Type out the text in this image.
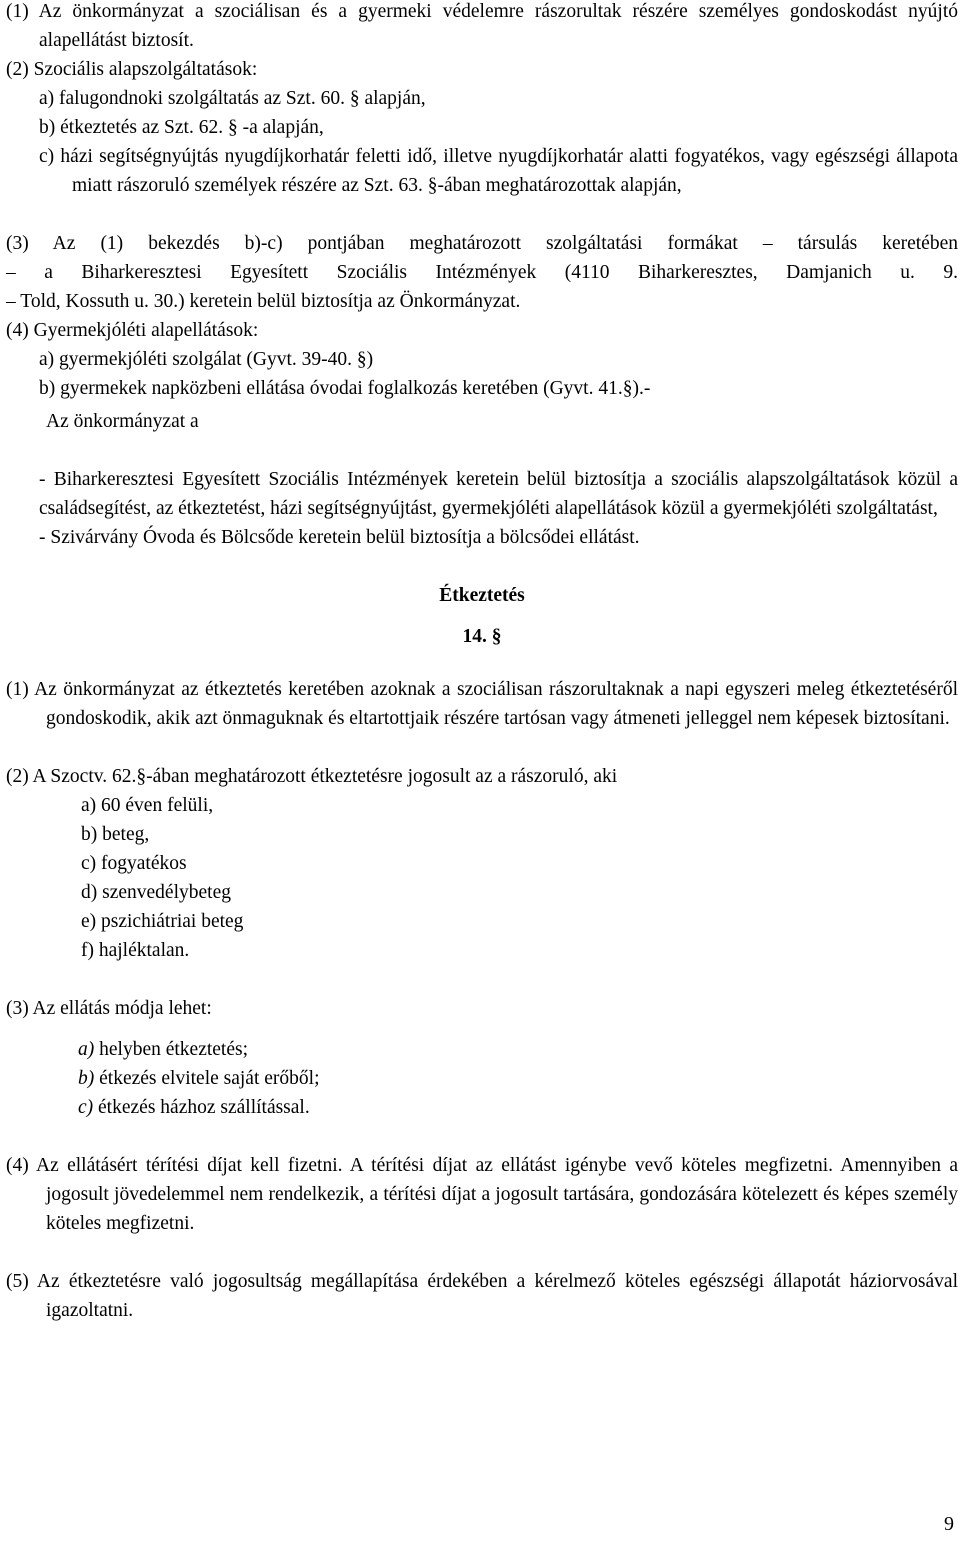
(1) Az önkormányzat a szociálisan és a gyermeki védelemre rászorultak részére személyes gondoskodást nyújtó alapellátást biztosít.

(2) Szociális alapszolgáltatások:

a) falugondnoki szolgáltatás az Szt. 60. § alapján,

b) étkeztetés az Szt. 62. § -a alapján,

c) házi segítségnyújtás nyugdíjkorhatár feletti idő, illetve nyugdíjkorhatár alatti fogyatékos, vagy egészségi állapota miatt rászoruló személyek részére az Szt. 63. §-ában meghatározottak alapján,

(3) Az (1) bekezdés b)-c) pontjában meghatározott szolgáltatási formákat – társulás keretében

– a Biharkeresztesi Egyesített Szociális Intézmények (4110 Biharkeresztes, Damjanich u. 9.

– Told, Kossuth u. 30.) keretein belül biztosítja az Önkormányzat.

(4) Gyermekjóléti alapellátások:

a) gyermekjóléti szolgálat (Gyvt. 39-40. §)

b) gyermekek napközbeni ellátása óvodai foglalkozás keretében (Gyvt. 41.§).-

Az önkormányzat a

- Biharkeresztesi Egyesített Szociális Intézmények keretein belül biztosítja a szociális alapszolgáltatások közül a családsegítést, az étkeztetést, házi segítségnyújtást, gyermekjóléti alapellátások közül a gyermekjóléti szolgáltatást,

- Szivárvány Óvoda és Bölcsőde keretein belül biztosítja a bölcsődei ellátást.

Étkeztetés

14. §

(1) Az önkormányzat az étkeztetés keretében azoknak a szociálisan rászorultaknak a napi egyszeri meleg étkeztetéséről gondoskodik, akik azt önmaguknak és eltartottjaik részére tartósan vagy átmeneti jelleggel nem képesek biztosítani.

(2) A Szoctv. 62.§-ában meghatározott étkeztetésre jogosult az a rászoruló, aki

a) 60 éven felüli,

b) beteg,

c) fogyatékos

d) szenvedélybeteg

e) pszichiátriai beteg

f) hajléktalan.

(3) Az ellátás módja lehet:

a) helyben étkeztetés;

b) étkezés elvitele saját erőből;

c) étkezés házhoz szállítással.

(4) Az ellátásért térítési díjat kell fizetni. A térítési díjat az ellátást igénybe vevő köteles megfizetni. Amennyiben a jogosult jövedelemmel nem rendelkezik, a térítési díjat a jogosult tartására, gondozására kötelezett és képes személy köteles megfizetni.

(5) Az étkeztetésre való jogosultság megállapítása érdekében a kérelmező köteles egészségi állapotát háziorvosával igazoltatni.

9
